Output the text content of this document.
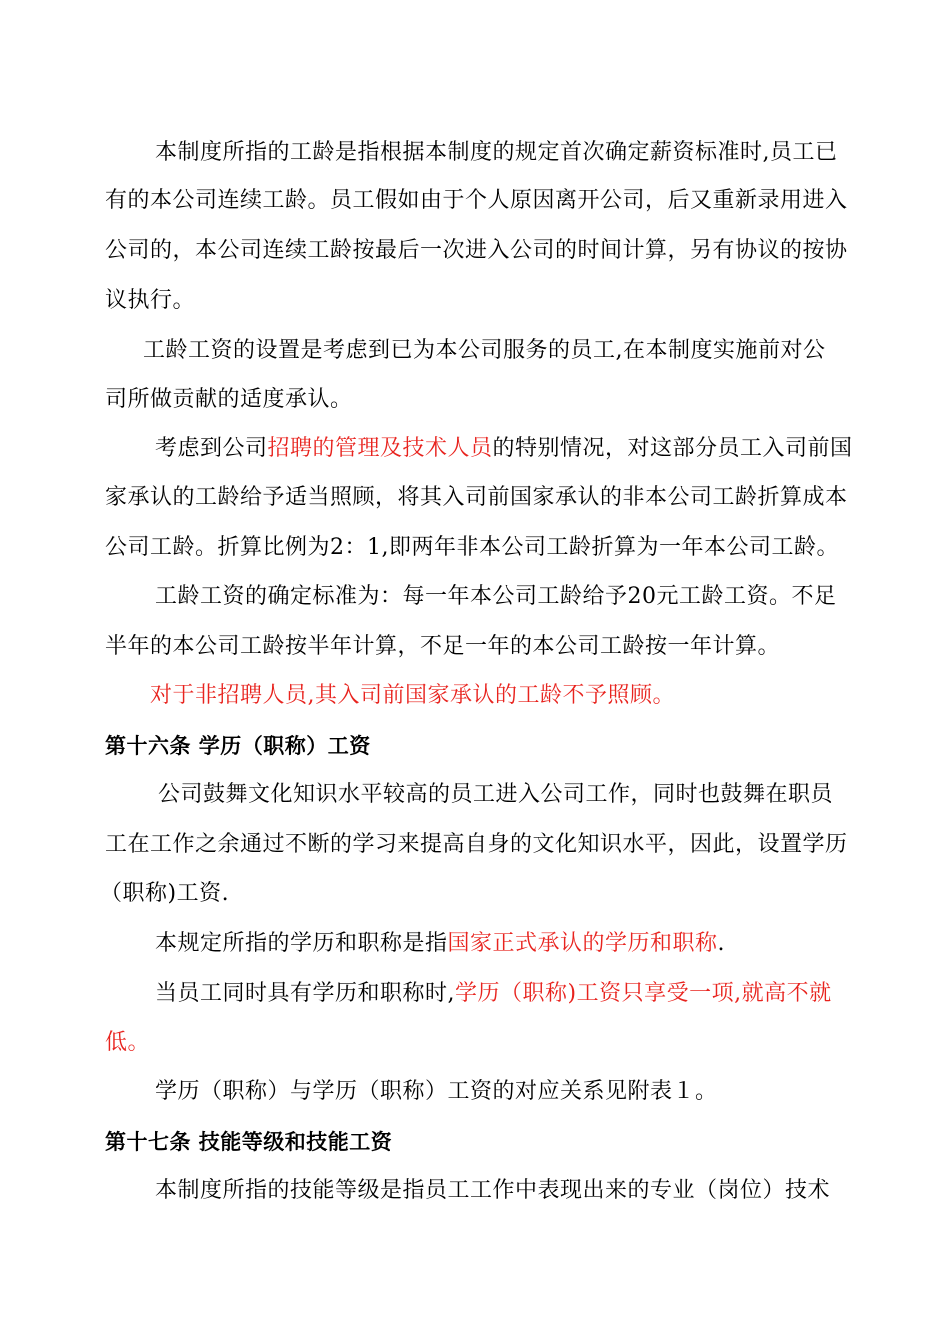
本制度所指的工龄是指根据本制度的规定首次确定薪资标准时,员工已
有的本公司连续工龄。员工假如由于个人原因离开公司，后又重新录用进入
公司的，本公司连续工龄按最后一次进入公司的时间计算，另有协议的按协
议执行。
工龄工资的设置是考虑到已为本公司服务的员工,在本制度实施前对公
司所做贡献的适度承认。
考虑到公司招聘的管理及技术人员的特别情况，对这部分员工入司前国
家承认的工龄给予适当照顾，将其入司前国家承认的非本公司工龄折算成本
公司工龄。折算比例为2：1,即两年非本公司工龄折算为一年本公司工龄。
工龄工资的确定标准为：每一年本公司工龄给予20元工龄工资。不足
半年的本公司工龄按半年计算，不足一年的本公司工龄按一年计算。
对于非招聘人员,其入司前国家承认的工龄不予照顾。
第十六条 学历（职称）工资
公司鼓舞文化知识水平较高的员工进入公司工作，同时也鼓舞在职员
工在工作之余通过不断的学习来提高自身的文化知识水平，因此，设置学历
（职称)工资.
本规定所指的学历和职称是指国家正式承认的学历和职称.
当员工同时具有学历和职称时,学历（职称)工资只享受一项,就高不就
低。
学历（职称）与学历（职称）工资的对应关系见附表１。
第十七条 技能等级和技能工资
本制度所指的技能等级是指员工工作中表现出来的专业（岗位）技术
